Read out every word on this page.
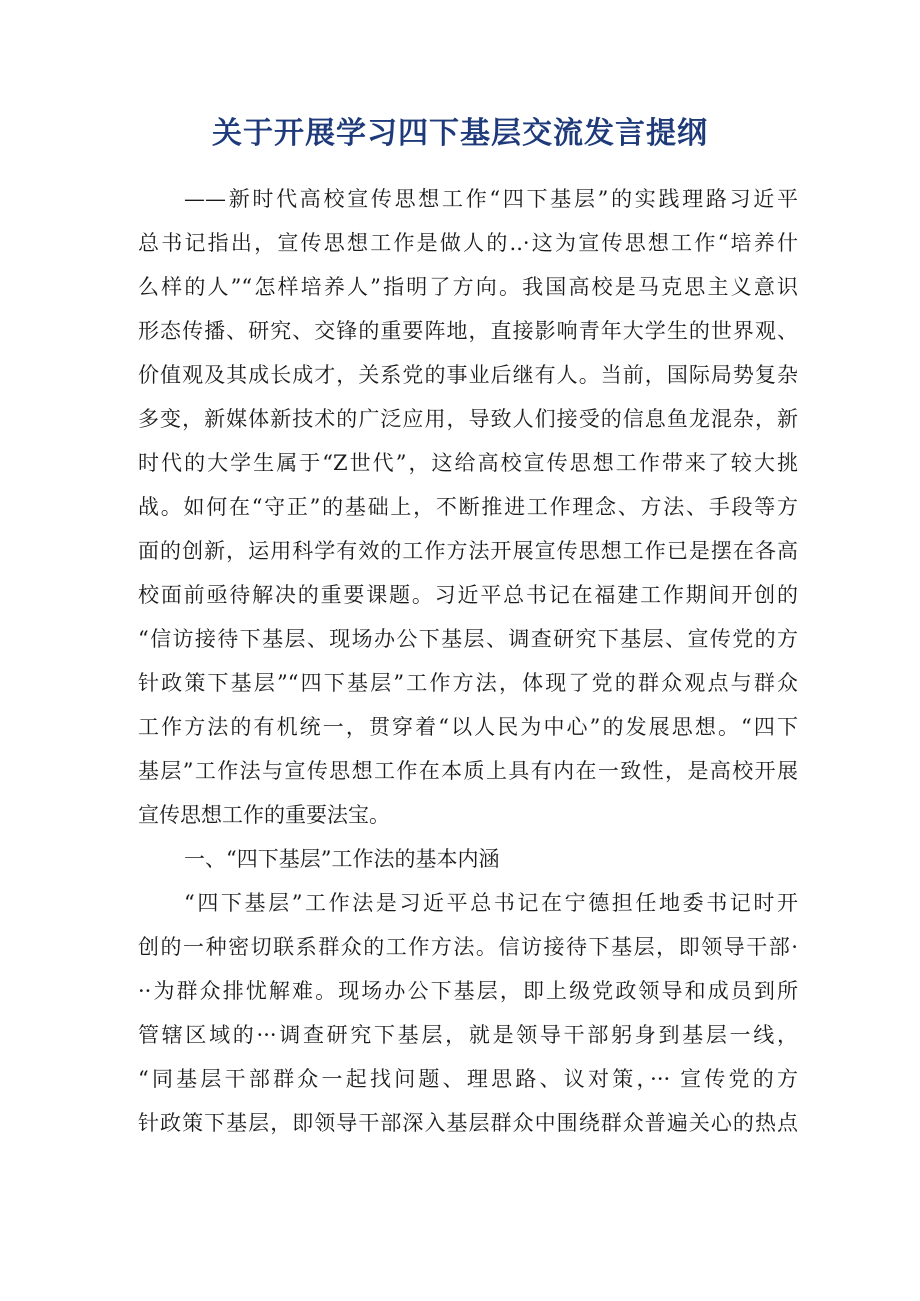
关于开展学习四下基层交流发言提纲

——新时代高校宣传思想工作“四下基层”的实践理路习近平

总书记指出，宣传思想工作是做人的..·这为宣传思想工作“培养什

么样的人”“怎样培养人”指明了方向。我国高校是马克思主义意识

形态传播、研究、交锋的重要阵地，直接影响青年大学生的世界观、

价值观及其成长成才，关系党的事业后继有人。当前，国际局势复杂

多变，新媒体新技术的广泛应用，导致人们接受的信息鱼龙混杂，新

时代的大学生属于“Z世代”，这给高校宣传思想工作带来了较大挑

战。如何在“守正”的基础上，不断推进工作理念、方法、手段等方

面的创新，运用科学有效的工作方法开展宣传思想工作已是摆在各高

校面前亟待解决的重要课题。习近平总书记在福建工作期间开创的

“信访接待下基层、现场办公下基层、调查研究下基层、宣传党的方

针政策下基层”“四下基层”工作方法，体现了党的群众观点与群众

工作方法的有机统一，贯穿着“以人民为中心”的发展思想。“四下

基层”工作法与宣传思想工作在本质上具有内在一致性，是高校开展

宣传思想工作的重要法宝。

一、“四下基层”工作法的基本内涵

“四下基层”工作法是习近平总书记在宁德担任地委书记时开

创的一种密切联系群众的工作方法。信访接待下基层，即领导干部·

··为群众排忧解难。现场办公下基层，即上级党政领导和成员到所

管辖区域的···调查研究下基层，就是领导干部躬身到基层一线，

“同基层干部群众一起找问题、理思路、议对策，··· 宣传党的方

针政策下基层，即领导干部深入基层群众中围绕群众普遍关心的热点
